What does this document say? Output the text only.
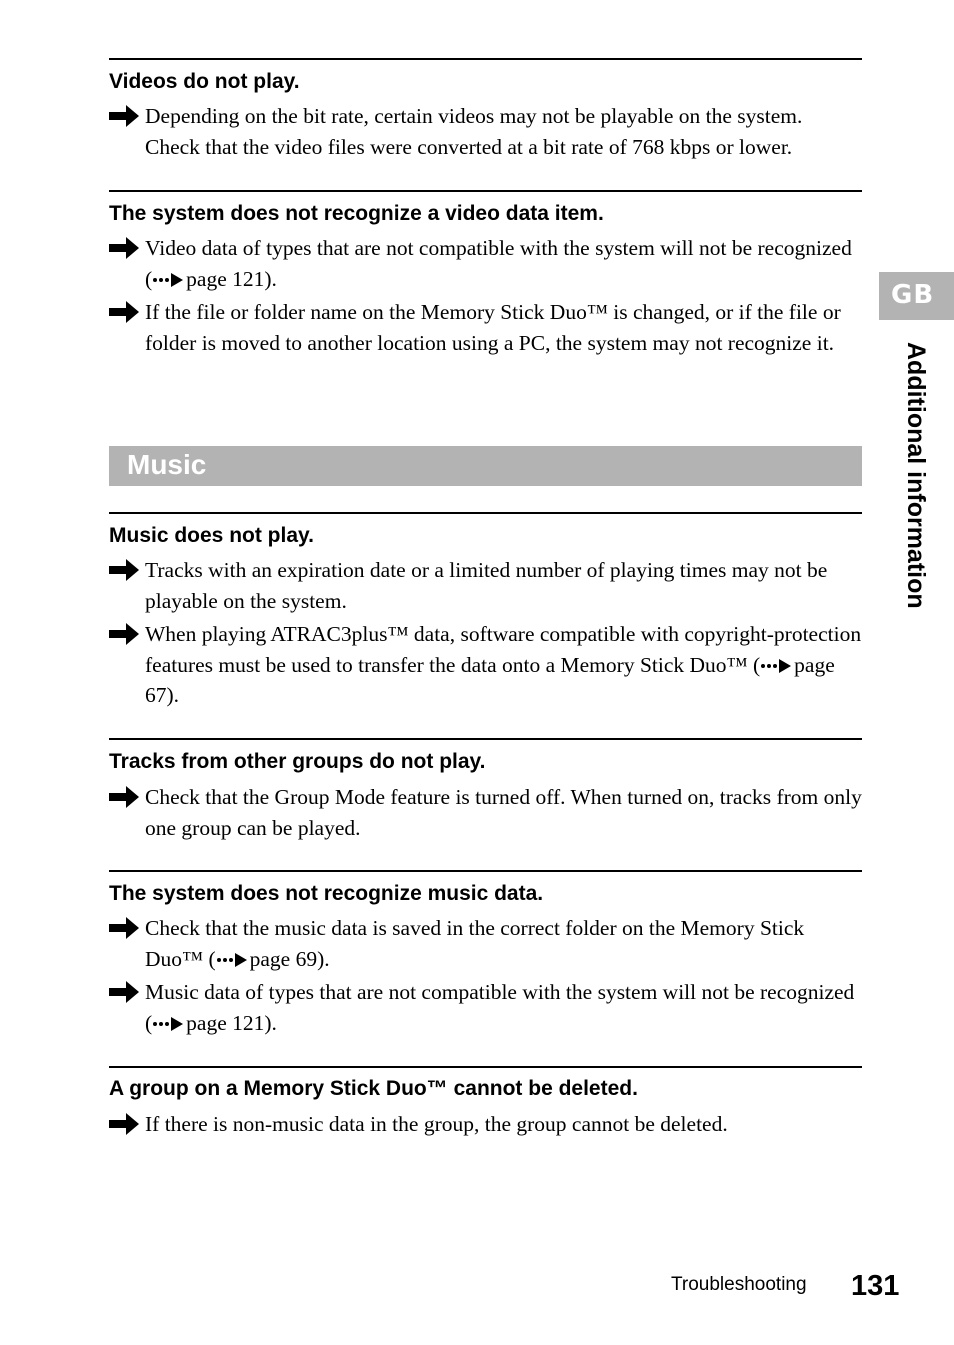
Videos do not play.

Depending on the bit rate, certain videos may not be playable on the system. Check that the video files were converted at a bit rate of 768 kbps or lower.

The system does not recognize a video data item.

Video data of types that are not compatible with the system will not be recognized ( page 121).

If the file or folder name on the Memory Stick Duo™ is changed, or if the file or folder is moved to another location using a PC, the system may not recognize it.

Music

Music does not play.

Tracks with an expiration date or a limited number of playing times may not be playable on the system.

When playing ATRAC3plus™ data, software compatible with copyright-protection features must be used to transfer the data onto a Memory Stick Duo™ ( page 67).

Tracks from other groups do not play.

Check that the Group Mode feature is turned off. When turned on, tracks from only one group can be played.

The system does not recognize music data.

Check that the music data is saved in the correct folder on the Memory Stick Duo™ ( page 69).

Music data of types that are not compatible with the system will not be recognized ( page 121).

A group on a Memory Stick Duo™ cannot be deleted.

If there is non-music data in the group, the group cannot be deleted.

GB
Additional information
Troubleshooting 131
